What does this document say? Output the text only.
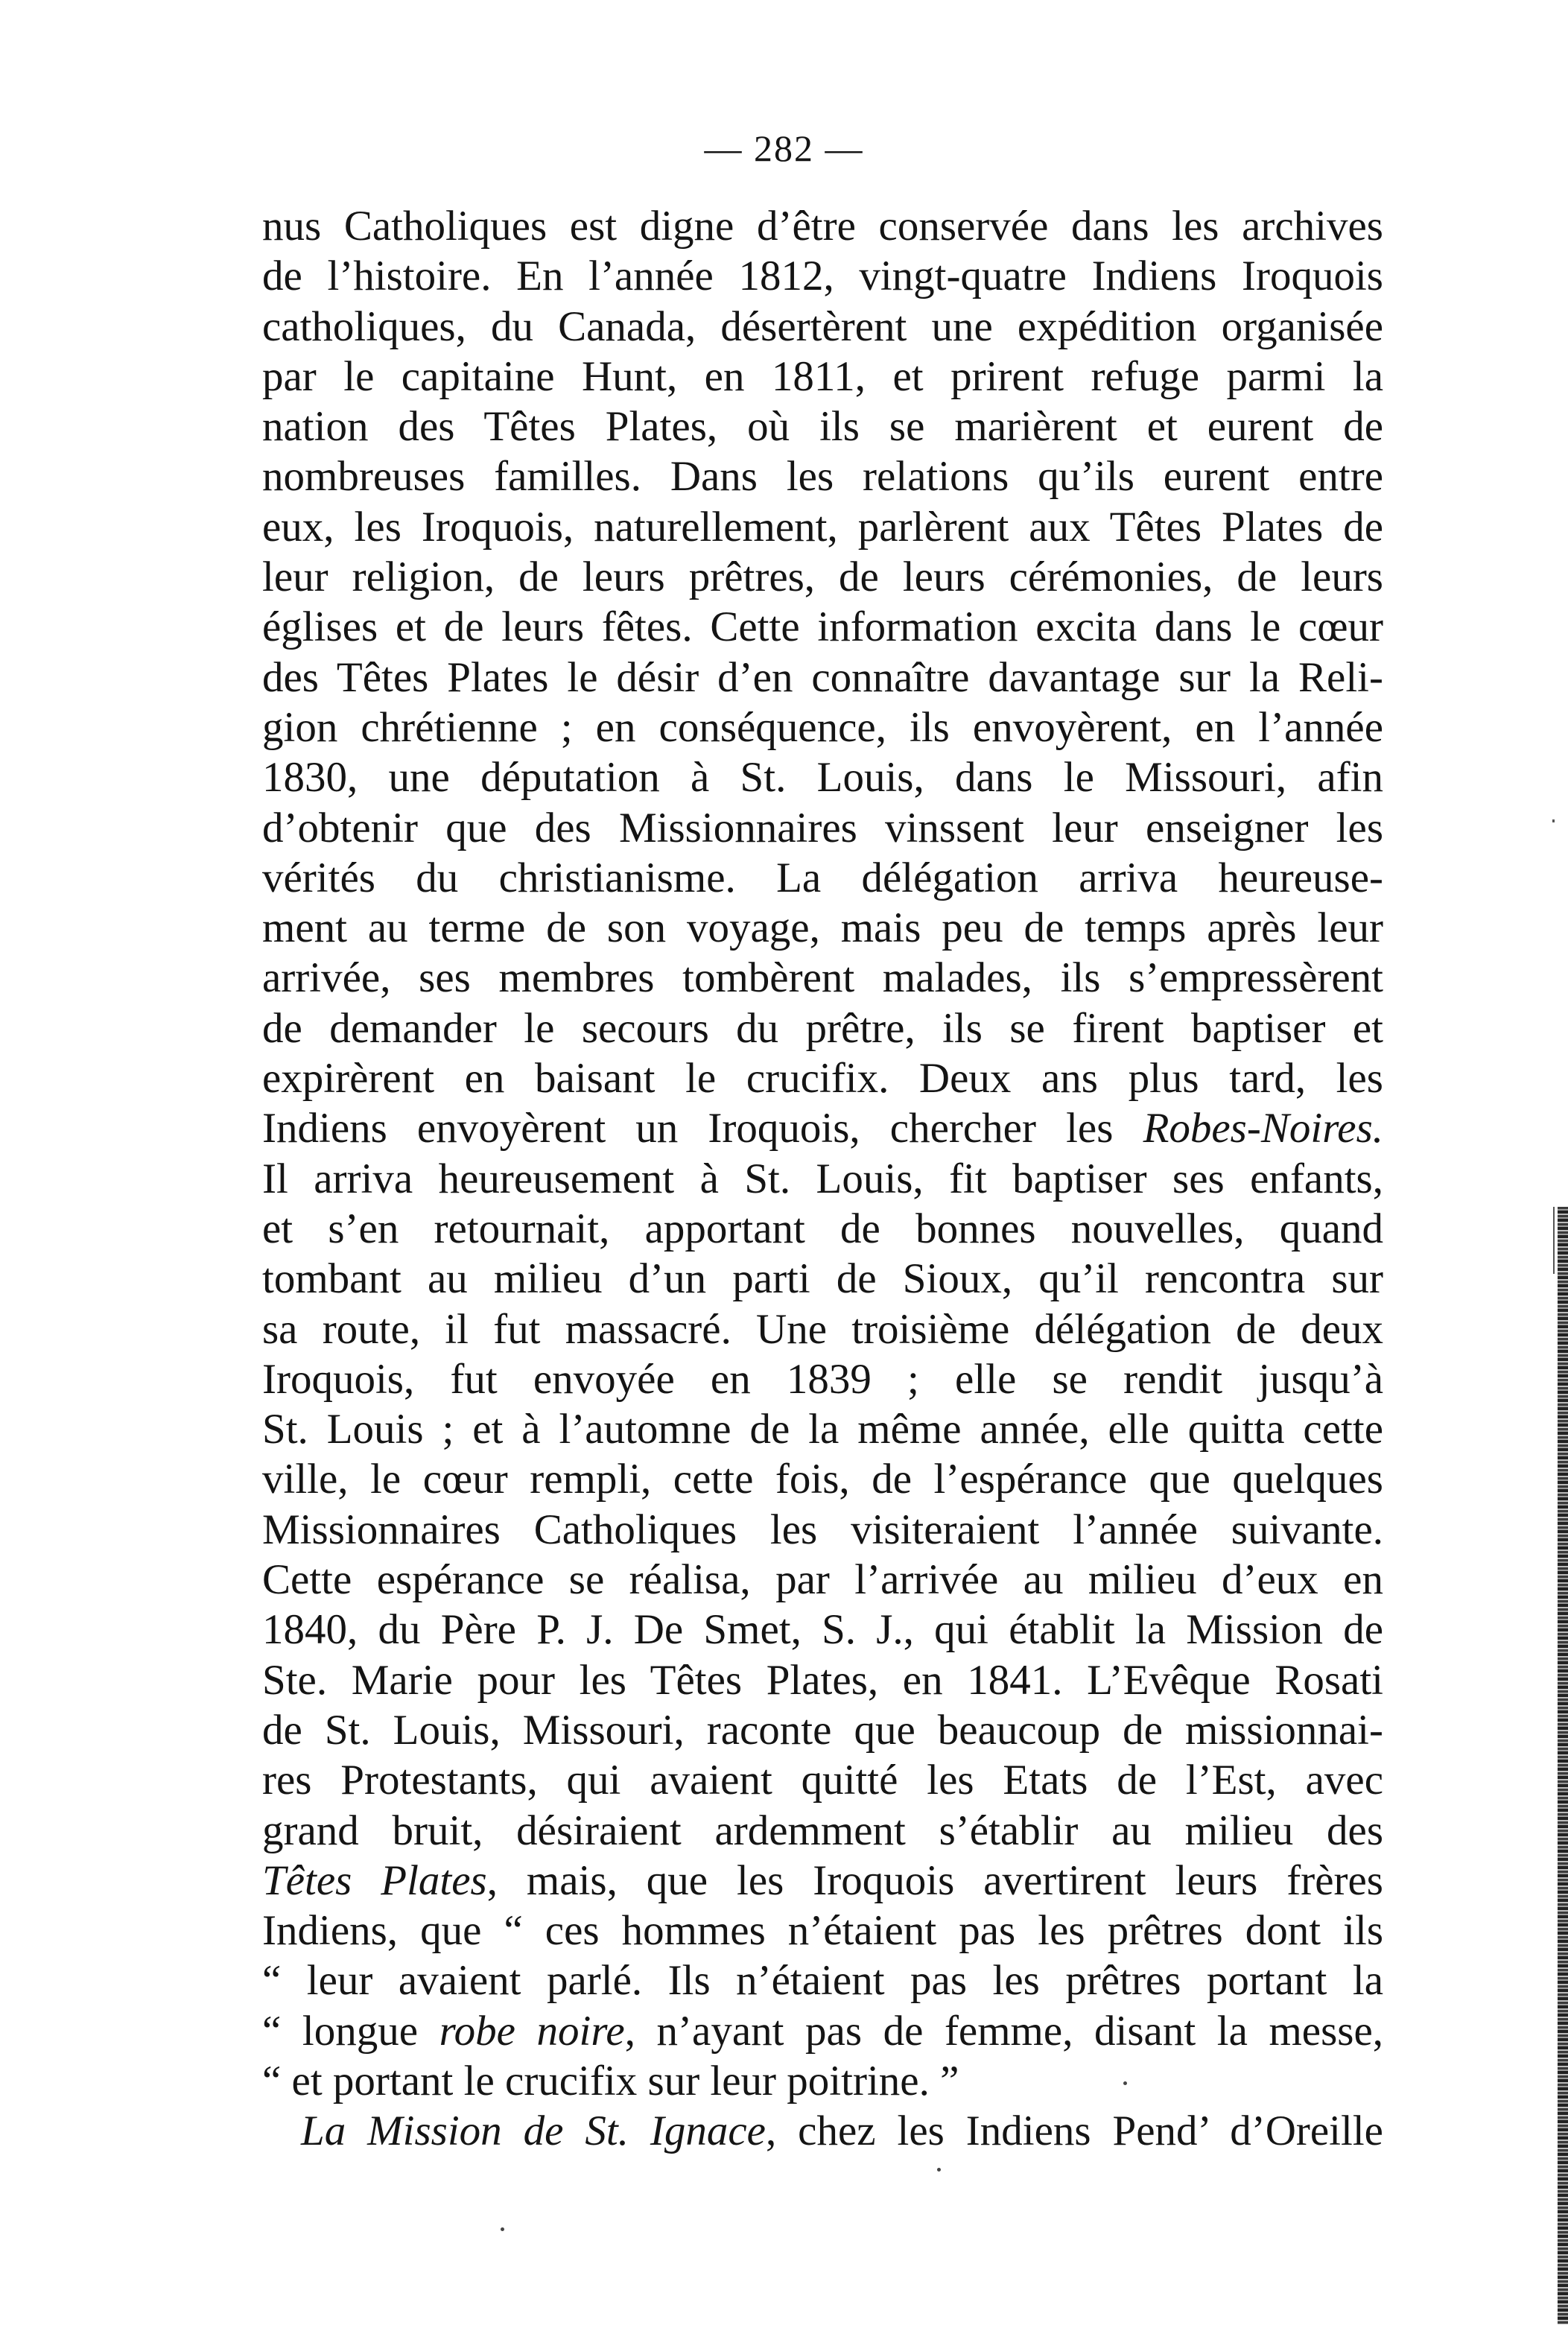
— 282 —
nus Catholiques est digne d’être conservée dans les archives
de l’histoire. En l’année 1812, vingt-quatre Indiens Iroquois
catholiques, du Canada, désertèrent une expédition organisée
par le capitaine Hunt, en 1811, et prirent refuge parmi la
nation des Têtes Plates, où ils se marièrent et eurent de
nombreuses familles. Dans les relations qu’ils eurent entre
eux, les Iroquois, naturellement, parlèrent aux Têtes Plates de
leur religion, de leurs prêtres, de leurs cérémonies, de leurs
églises et de leurs fêtes. Cette information excita dans le cœur
des Têtes Plates le désir d’en connaître davantage sur la Reli-
gion chrétienne ; en conséquence, ils envoyèrent, en l’année
1830, une députation à St. Louis, dans le Missouri, afin
d’obtenir que des Missionnaires vinssent leur enseigner les
vérités du christianisme. La délégation arriva heureuse-
ment au terme de son voyage, mais peu de temps après leur
arrivée, ses membres tombèrent malades, ils s’empressèrent
de demander le secours du prêtre, ils se firent baptiser et
expirèrent en baisant le crucifix. Deux ans plus tard, les
Indiens envoyèrent un Iroquois, chercher les Robes-Noires.
Il arriva heureusement à St. Louis, fit baptiser ses enfants,
et s’en retournait, apportant de bonnes nouvelles, quand
tombant au milieu d’un parti de Sioux, qu’il rencontra sur
sa route, il fut massacré. Une troisième délégation de deux
Iroquois, fut envoyée en 1839 ; elle se rendit jusqu’à
St. Louis ; et à l’automne de la même année, elle quitta cette
ville, le cœur rempli, cette fois, de l’espérance que quelques
Missionnaires Catholiques les visiteraient l’année suivante.
Cette espérance se réalisa, par l’arrivée au milieu d’eux en
1840, du Père P. J. De Smet, S. J., qui établit la Mission de
Ste. Marie pour les Têtes Plates, en 1841. L’Evêque Rosati
de St. Louis, Missouri, raconte que beaucoup de missionnai-
res Protestants, qui avaient quitté les Etats de l’Est, avec
grand bruit, désiraient ardemment s’établir au milieu des
Têtes Plates, mais, que les Iroquois avertirent leurs frères
Indiens, que “ ces hommes n’étaient pas les prêtres dont ils
“ leur avaient parlé. Ils n’étaient pas les prêtres portant la
“ longue robe noire, n’ayant pas de femme, disant la messe,
“ et portant le crucifix sur leur poitrine. ”
La Mission de St. Ignace, chez les Indiens Pend’ d’Oreille
